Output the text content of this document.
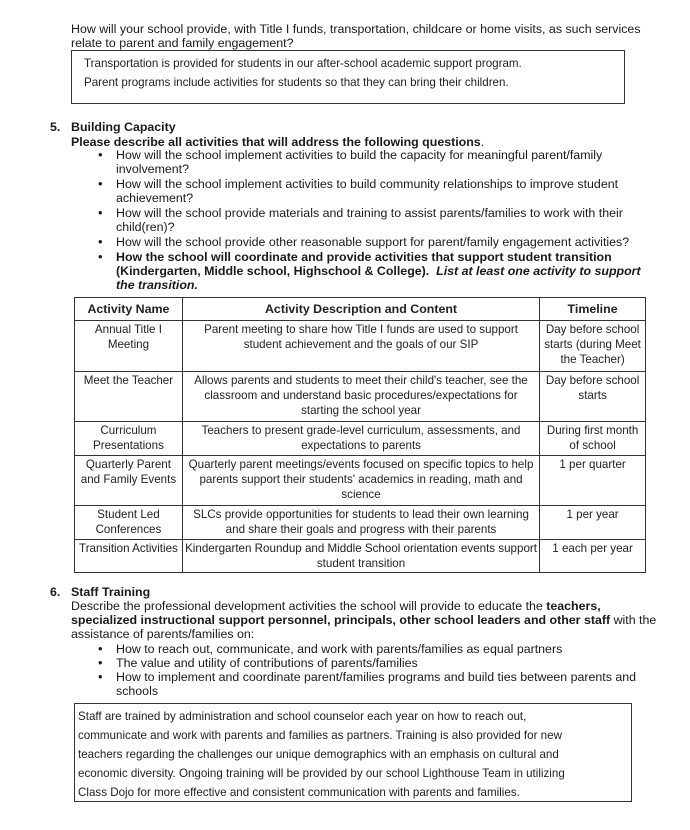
How will your school provide, with Title I funds, transportation, childcare or home visits, as such services relate to parent and family engagement?
Transportation is provided for students in our after-school academic support program.
Parent programs include activities for students so that they can bring their children.
5. Building Capacity
Please describe all activities that will address the following questions.
• How will the school implement activities to build the capacity for meaningful parent/family involvement?
• How will the school implement activities to build community relationships to improve student achievement?
• How will the school provide materials and training to assist parents/families to work with their child(ren)?
• How will the school provide other reasonable support for parent/family engagement activities?
• How the school will coordinate and provide activities that support student transition (Kindergarten, Middle school, Highschool & College). List at least one activity to support the transition.
Activity Name	Activity Description and Content	Timeline
Annual Title I Meeting	Parent meeting to share how Title I funds are used to support student achievement and the goals of our SIP	Day before school starts (during Meet the Teacher)
Meet the Teacher	Allows parents and students to meet their child's teacher, see the classroom and understand basic procedures/expectations for starting the school year	Day before school starts
Curriculum Presentations	Teachers to present grade-level curriculum, assessments, and expectations to parents	During first month of school
Quarterly Parent and Family Events	Quarterly parent meetings/events focused on specific topics to help parents support their students' academics in reading, math and science	1 per quarter
Student Led Conferences	SLCs provide opportunities for students to lead their own learning and share their goals and progress with their parents	1 per year
Transition Activities	Kindergarten Roundup and Middle School orientation events support student transition	1 each per year
6. Staff Training
Describe the professional development activities the school will provide to educate the teachers, specialized instructional support personnel, principals, other school leaders and other staff with the assistance of parents/families on:
• How to reach out, communicate, and work with parents/families as equal partners
• The value and utility of contributions of parents/families
• How to implement and coordinate parent/families programs and build ties between parents and schools
Staff are trained by administration and school counselor each year on how to reach out,
communicate and work with parents and families as partners. Training is also provided for new
teachers regarding the challenges our unique demographics with an emphasis on cultural and
economic diversity. Ongoing training will be provided by our school Lighthouse Team in utilizing
Class Dojo for more effective and consistent communication with parents and families.
